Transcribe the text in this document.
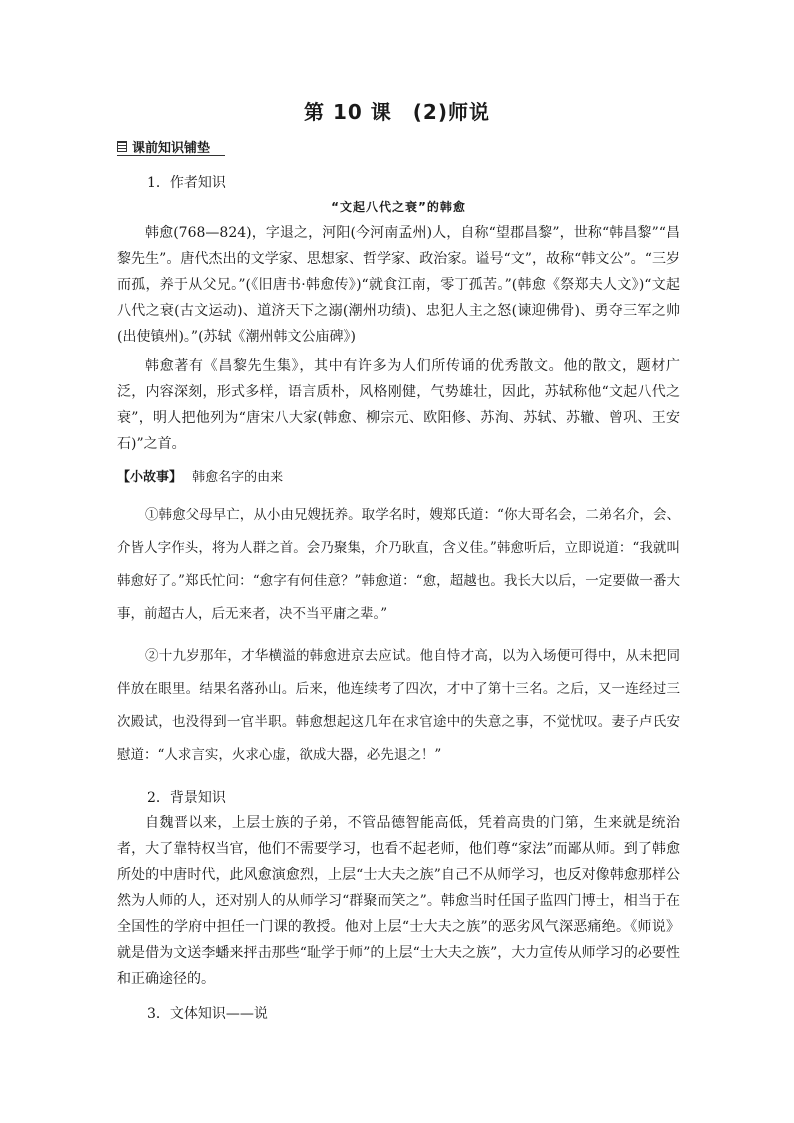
第 10 课　(2)师说
课前知识铺垫
1．作者知识
“文起八代之衰”的韩愈

韩愈(768—824)，字退之，河阳(今河南孟州)人，自称“望郡昌黎”，世称“韩昌黎”“昌黎先生”。唐代杰出的文学家、思想家、哲学家、政治家。谥号“文”，故称“韩文公”。“三岁而孤，养于从父兄。”(《旧唐书·韩愈传》)“就食江南，零丁孤苦。”(韩愈《祭郑夫人文》)“文起八代之衰(古文运动)、道济天下之溺(潮州功绩)、忠犯人主之怒(谏迎佛骨)、勇夺三军之帅(出使镇州)。”(苏轼《潮州韩文公庙碑》)

韩愈著有《昌黎先生集》，其中有许多为人们所传诵的优秀散文。他的散文，题材广泛，内容深刻，形式多样，语言质朴，风格刚健，气势雄壮，因此，苏轼称他“文起八代之衰”，明人把他列为“唐宋八大家(韩愈、柳宗元、欧阳修、苏洵、苏轼、苏辙、曾巩、王安石)”之首。

【小故事】 韩愈名字的由来

①韩愈父母早亡，从小由兄嫂抚养。取学名时，嫂郑氏道：“你大哥名会，二弟名介，会、介皆人字作头，将为人群之首。会乃聚集，介乃耿直，含义佳。”韩愈听后，立即说道：“我就叫韩愈好了。”郑氏忙问：“愈字有何佳意？”韩愈道：“愈，超越也。我长大以后，一定要做一番大事，前超古人，后无来者，决不当平庸之辈。”

②十九岁那年，才华横溢的韩愈进京去应试。他自恃才高，以为入场便可得中，从未把同伴放在眼里。结果名落孙山。后来，他连续考了四次，才中了第十三名。之后，又一连经过三次殿试，也没得到一官半职。韩愈想起这几年在求官途中的失意之事，不觉忧叹。妻子卢氏安慰道：“人求言实，火求心虚，欲成大器，必先退之！”

2．背景知识

自魏晋以来，上层士族的子弟，不管品德智能高低，凭着高贵的门第，生来就是统治者，大了靠特权当官，他们不需要学习，也看不起老师，他们尊“家法”而鄙从师。到了韩愈所处的中唐时代，此风愈演愈烈，上层“士大夫之族”自己不从师学习，也反对像韩愈那样公然为人师的人，还对别人的从师学习“群聚而笑之”。韩愈当时任国子监四门博士，相当于在全国性的学府中担任一门课的教授。他对上层“士大夫之族”的恶劣风气深恶痛绝。《师说》就是借为文送李蟠来抨击那些“耻学于师”的上层“士大夫之族”，大力宣传从师学习的必要性和正确途径的。

3．文体知识——说
